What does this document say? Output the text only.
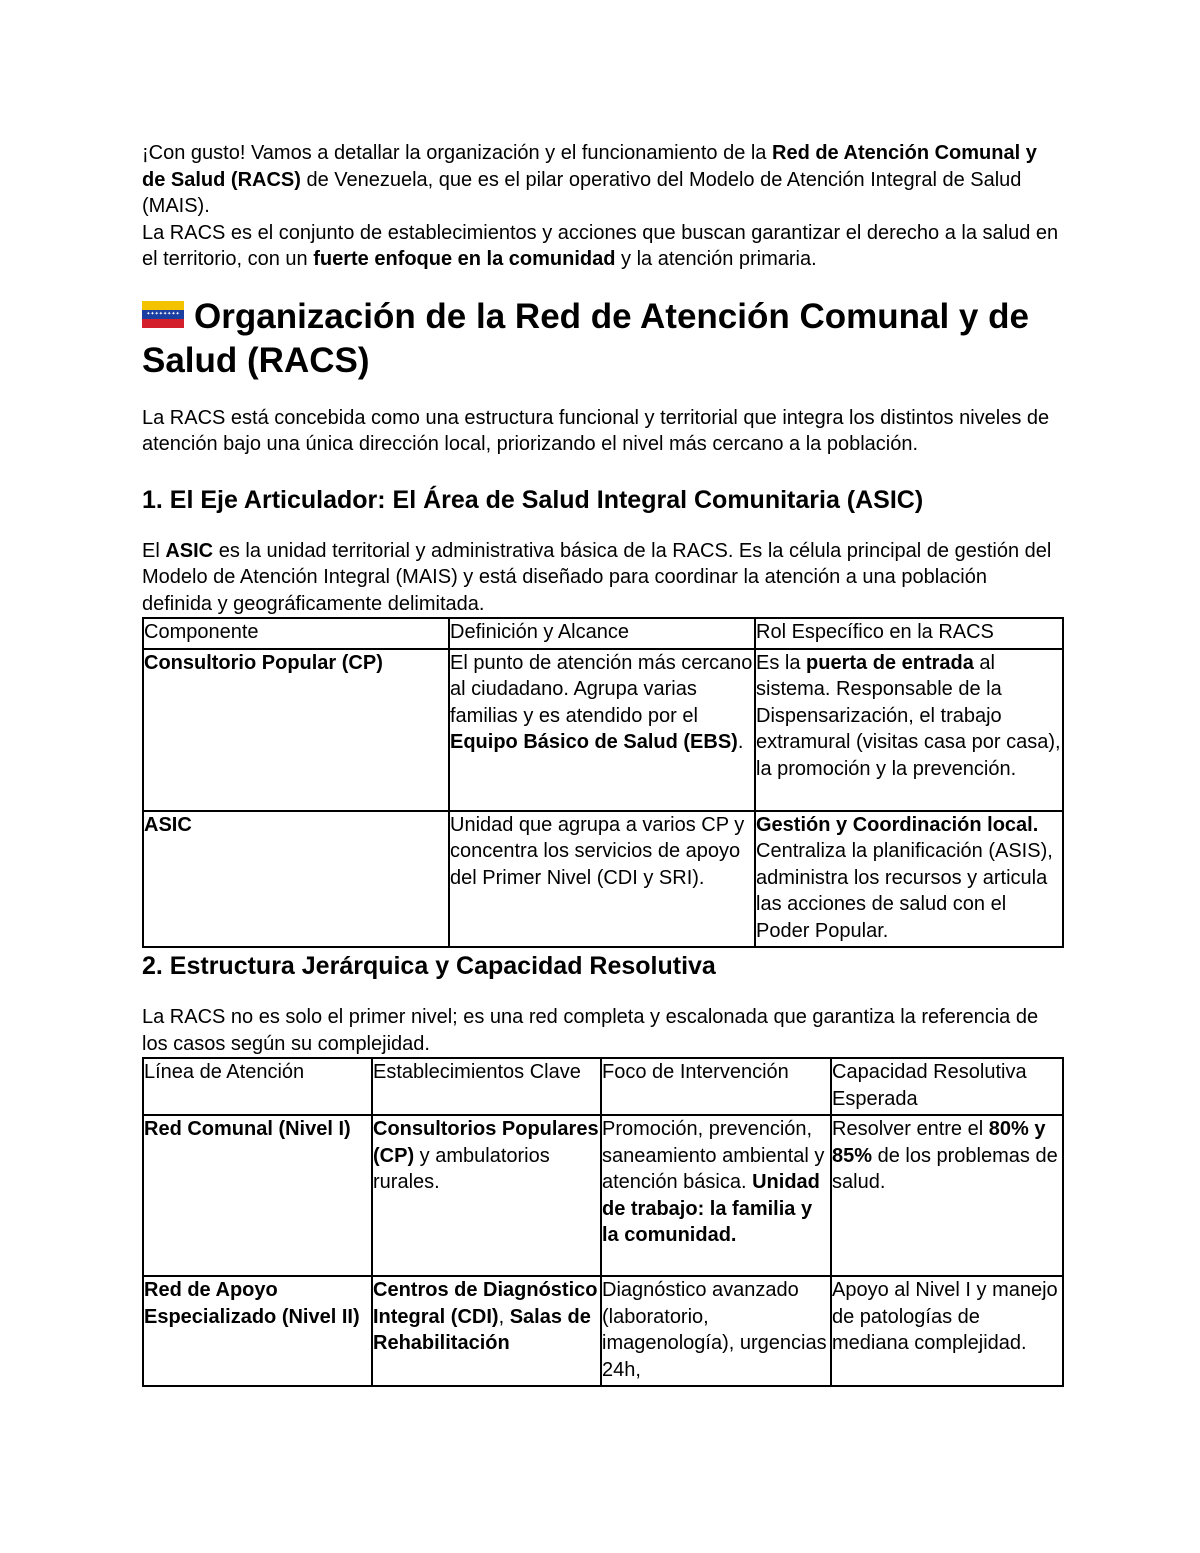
¡Con gusto! Vamos a detallar la organización y el funcionamiento de la Red de Atención Comunal y de Salud (RACS) de Venezuela, que es el pilar operativo del Modelo de Atención Integral de Salud (MAIS).

La RACS es el conjunto de establecimientos y acciones que buscan garantizar el derecho a la salud en el territorio, con un fuerte enfoque en la comunidad y la atención primaria.

✦✦✦✦✦✦✦✦ Organización de la Red de Atención Comunal y de Salud (RACS)

La RACS está concebida como una estructura funcional y territorial que integra los distintos niveles de atención bajo una única dirección local, priorizando el nivel más cercano a la población.

1. El Eje Articulador: El Área de Salud Integral Comunitaria (ASIC)

El ASIC es la unidad territorial y administrativa básica de la RACS. Es la célula principal de gestión del Modelo de Atención Integral (MAIS) y está diseñado para coordinar la atención a una población definida y geográficamente delimitada.

Componente	Definición y Alcance	Rol Específico en la RACS
Consultorio Popular (CP)	El punto de atención más cercano al ciudadano. Agrupa varias familias y es atendido por el Equipo Básico de Salud (EBS).	Es la puerta de entrada al sistema. Responsable de la Dispensarización, el trabajo extramural (visitas casa por casa), la promoción y la prevención.
ASIC	Unidad que agrupa a varios CP y concentra los servicios de apoyo del Primer Nivel (CDI y SRI).	Gestión y Coordinación local. Centraliza la planificación (ASIS), administra los recursos y articula las acciones de salud con el Poder Popular.
2. Estructura Jerárquica y Capacidad Resolutiva

La RACS no es solo el primer nivel; es una red completa y escalonada que garantiza la referencia de los casos según su complejidad.

Línea de Atención	Establecimientos Clave	Foco de Intervención	Capacidad Resolutiva Esperada
Red Comunal (Nivel I)	Consultorios Populares (CP) y ambulatorios rurales.	Promoción, prevención, saneamiento ambiental y atención básica. Unidad de trabajo: la familia y la comunidad.	Resolver entre el 80% y 85% de los problemas de salud.
Red de Apoyo Especializado (Nivel II)	Centros de Diagnóstico Integral (CDI), Salas de Rehabilitación	Diagnóstico avanzado (laboratorio, imagenología), urgencias 24h,	Apoyo al Nivel I y manejo de patologías de mediana complejidad.
